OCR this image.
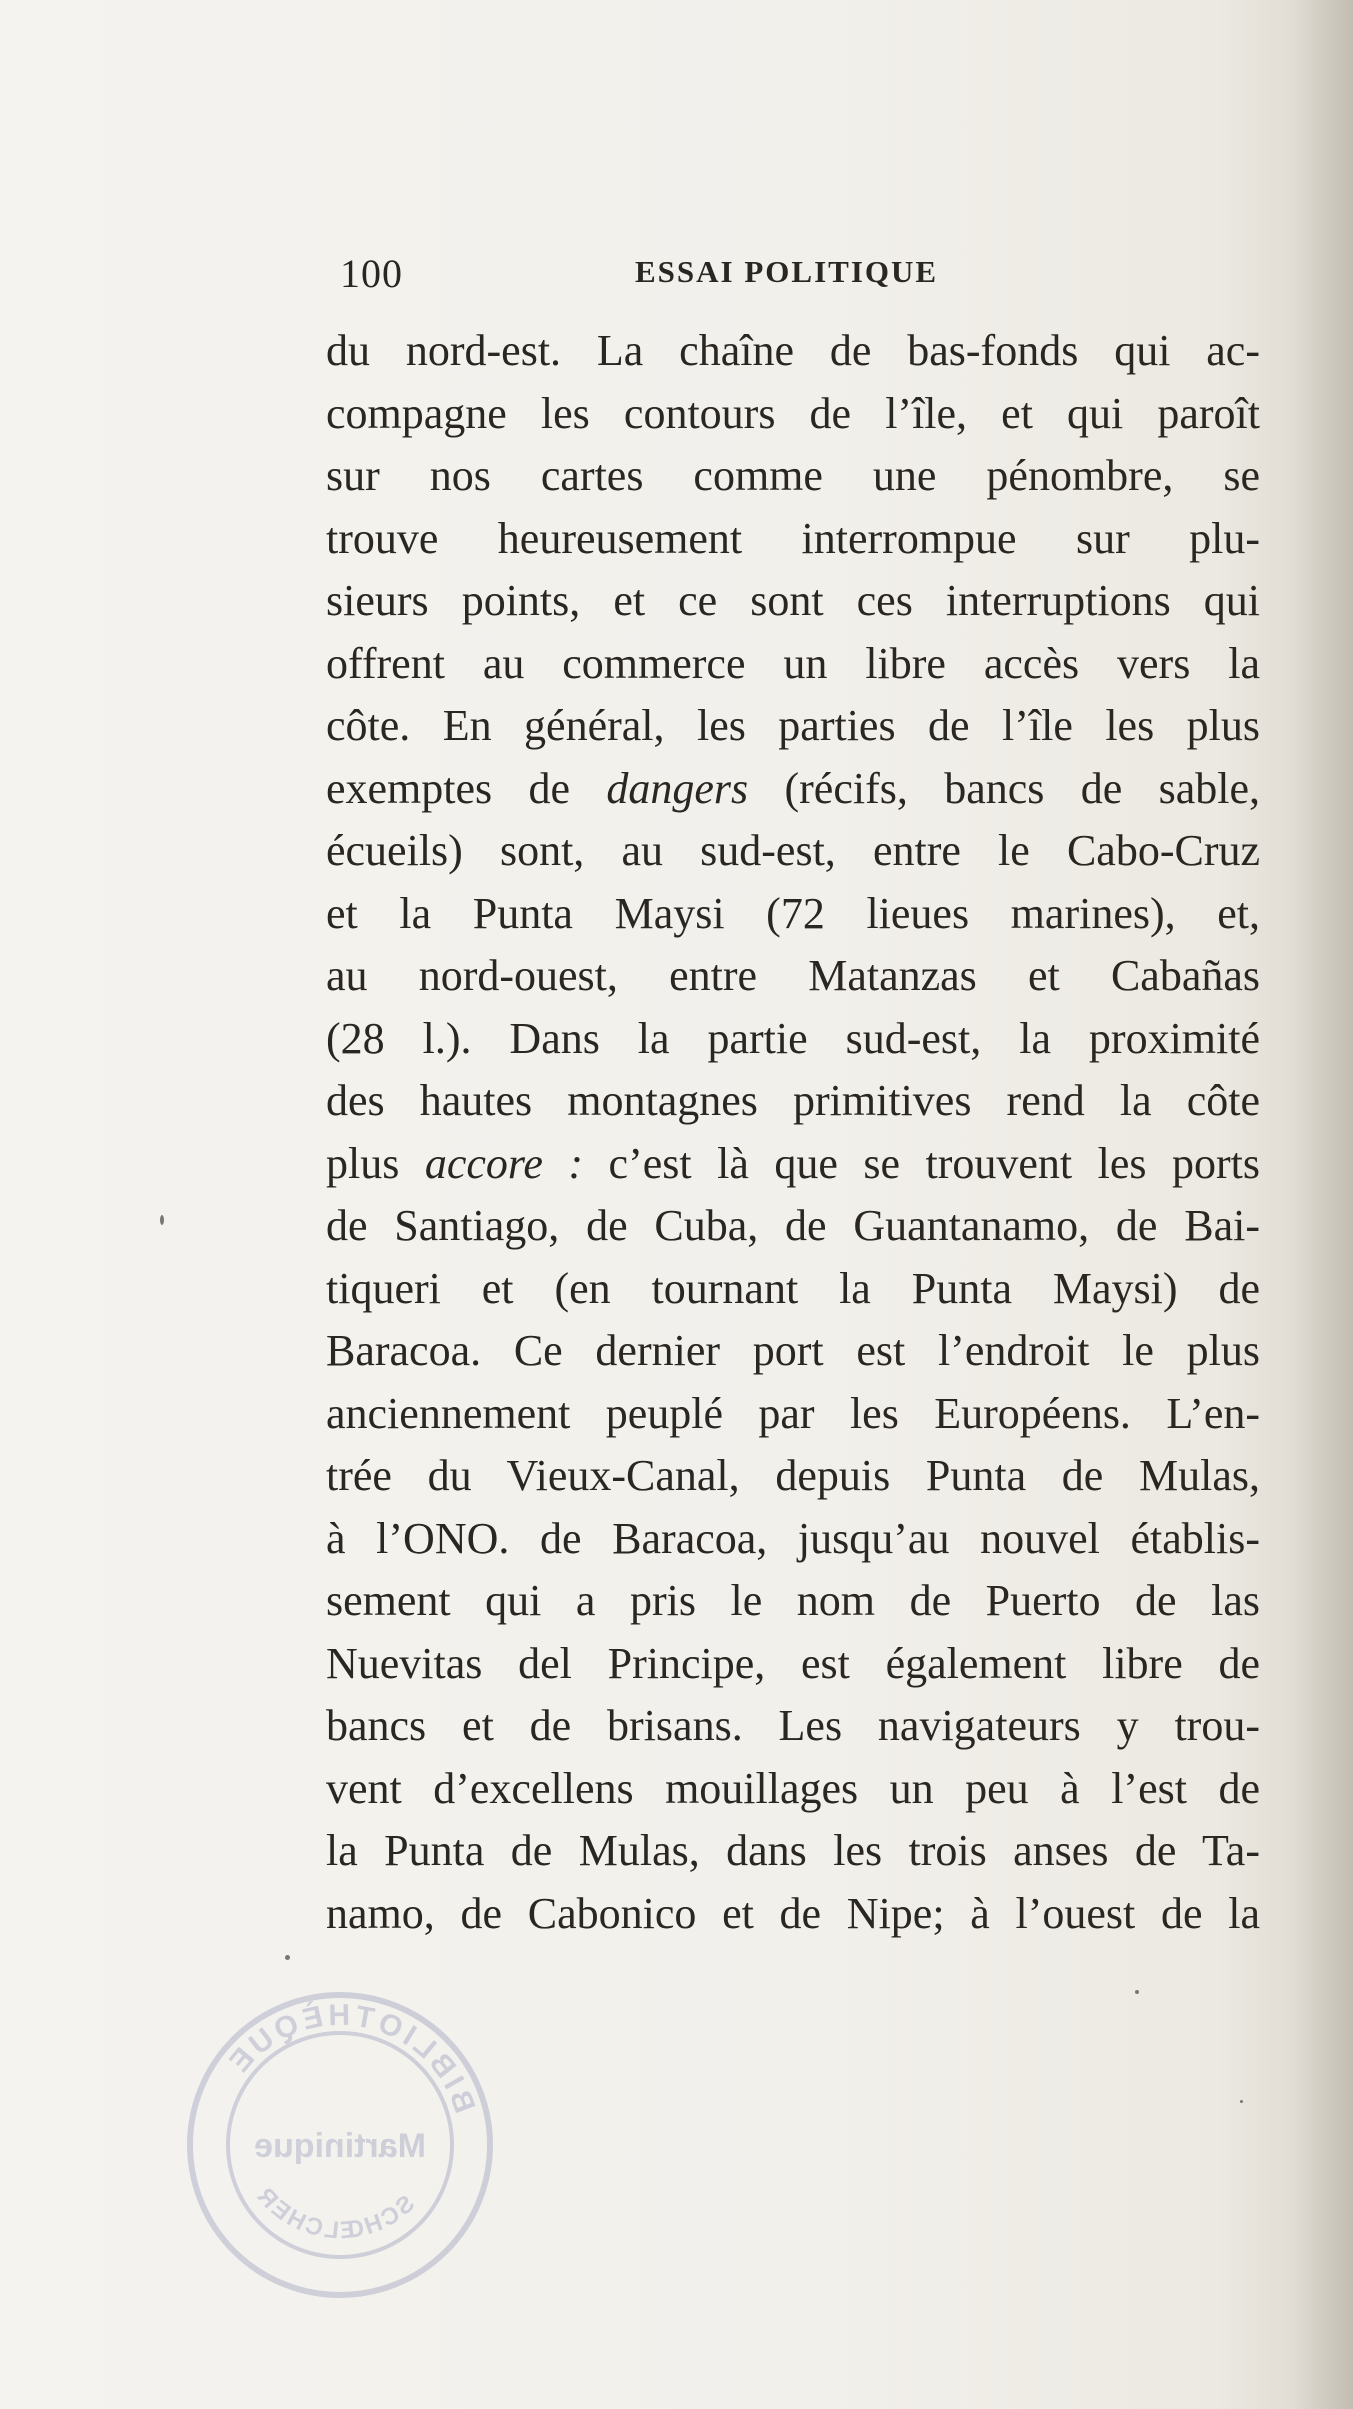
100	ESSAI POLITIQUE
du nord-est. La chaîne de bas-fonds qui ac-
compagne les contours de l’île, et qui paroît
sur nos cartes comme une pénombre, se
trouve heureusement interrompue sur plu-
sieurs points, et ce sont ces interruptions qui
offrent au commerce un libre accès vers la
côte. En général, les parties de l’île les plus
exemptes de dangers (récifs, bancs de sable,
écueils) sont, au sud-est, entre le Cabo-Cruz
et la Punta Maysi (72 lieues marines), et,
au nord-ouest, entre Matanzas et Cabañas
(28 l.). Dans la partie sud-est, la proximité
des hautes montagnes primitives rend la côte
plus accore : c’est là que se trouvent les ports
de Santiago, de Cuba, de Guantanamo, de Bai-
tiqueri et (en tournant la Punta Maysi) de
Baracoa. Ce dernier port est l’endroit le plus
anciennement peuplé par les Européens. L’en-
trée du Vieux-Canal, depuis Punta de Mulas,
à l’ONO. de Baracoa, jusqu’au nouvel établis-
sement qui a pris le nom de Puerto de las
Nuevitas del Principe, est également libre de
bancs et de brisans. Les navigateurs y trou-
vent d’excellens mouillages un peu à l’est de
la Punta de Mulas, dans les trois anses de Ta-
namo, de Cabonico et de Nipe; à l’ouest de la
BIBLIOTHÈQUE
Martinique
SCHŒLCHER
